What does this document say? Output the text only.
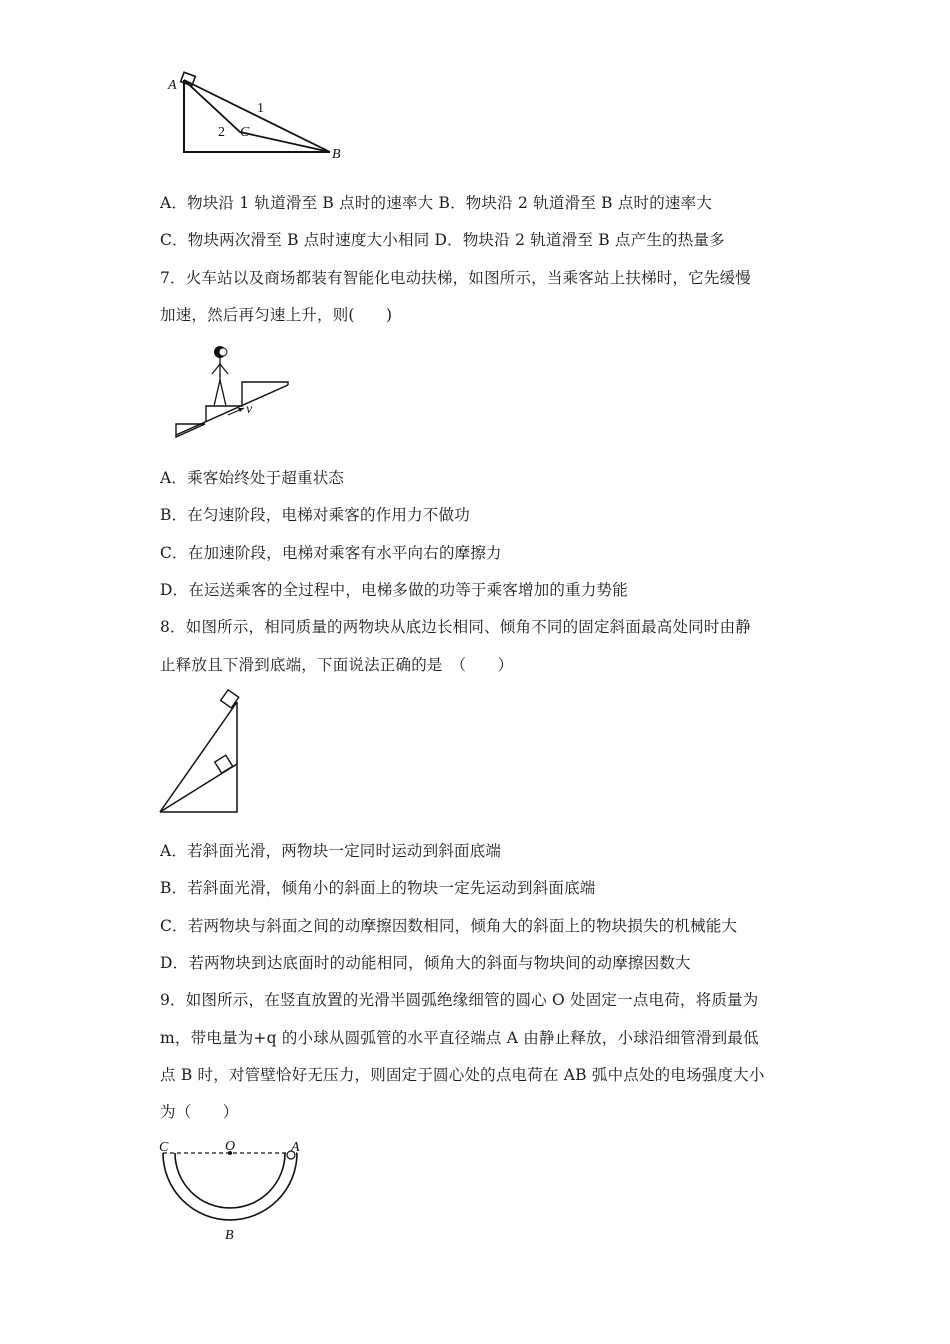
A
B
C
1
2
A．物块沿 1 轨道滑至 B 点时的速率大 B．物块沿 2 轨道滑至 B 点时的速率大
C．物块两次滑至 B 点时速度大小相同 D．物块沿 2 轨道滑至 B 点产生的热量多
7．火车站以及商场都装有智能化电动扶梯，如图所示，当乘客站上扶梯时，它先缓慢
加速，然后再匀速上升，则(　　)
v
A．乘客始终处于超重状态
B．在匀速阶段，电梯对乘客的作用力不做功
C．在加速阶段，电梯对乘客有水平向右的摩擦力
D．在运送乘客的全过程中，电梯多做的功等于乘客增加的重力势能
8．如图所示，相同质量的两物块从底边长相同、倾角不同的固定斜面最高处同时由静
止释放且下滑到底端，下面说法正确的是　（　　）
A．若斜面光滑，两物块一定同时运动到斜面底端
B．若斜面光滑，倾角小的斜面上的物块一定先运动到斜面底端
C．若两物块与斜面之间的动摩擦因数相同，倾角大的斜面上的物块损失的机械能大
D．若两物块到达底面时的动能相同，倾角大的斜面与物块间的动摩擦因数大
9．如图所示，在竖直放置的光滑半圆弧绝缘细管的圆心 O 处固定一点电荷，将质量为
m，带电量为+q 的小球从圆弧管的水平直径端点 A 由静止释放，小球沿细管滑到最低
点 B 时，对管壁恰好无压力，则固定于圆心处的点电荷在 AB 弧中点处的电场强度大小
为（　　）
C	O	A
B
